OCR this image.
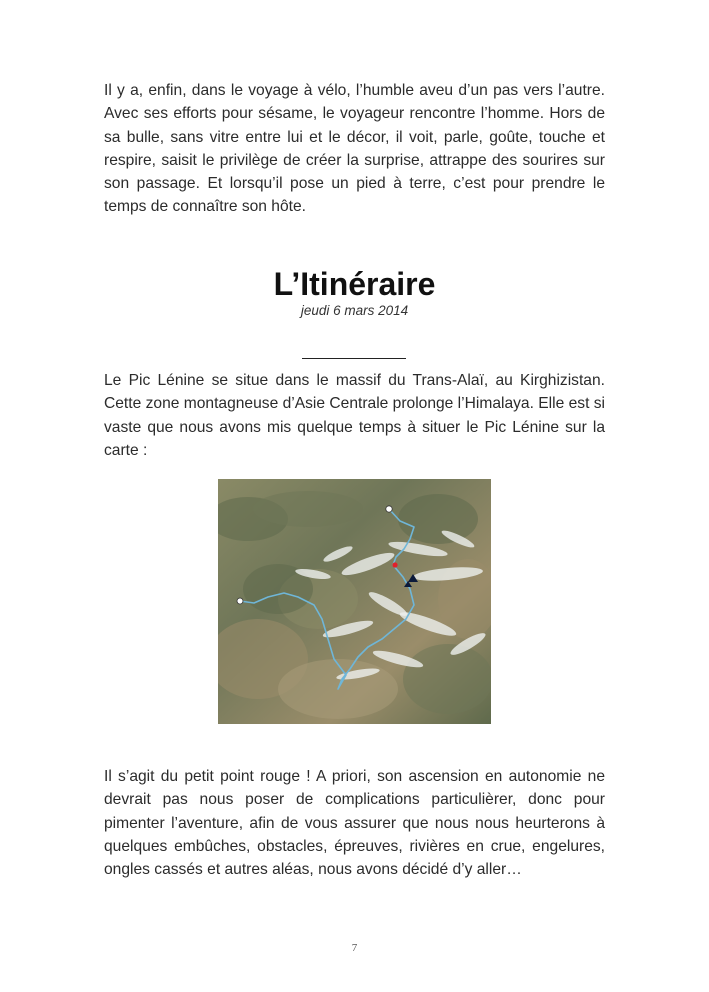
Il y a, enfin, dans le voyage à vélo, l’humble aveu d’un pas vers l’autre. Avec ses efforts pour sésame, le voyageur rencontre l’homme. Hors de sa bulle, sans vitre entre lui et le décor, il voit, parle, goûte, touche et respire, saisit le privilège de créer la surprise, attrappe des sourires sur son passage. Et lorsqu’il pose un pied à terre, c’est pour prendre le temps de connaître son hôte.

L’Itinéraire
jeudi 6 mars 2014

Le Pic Lénine se situe dans le massif du Trans-Alaï, au Kirghizistan. Cette zone montagneuse d’Asie Centrale prolonge l’Himalaya. Elle est si vaste que nous avons mis quelque temps à situer le Pic Lénine sur la carte :

Il s’agit du petit point rouge ! A priori, son ascension en autonomie ne devrait pas nous poser de complications particulièrer, donc pour pimenter l’aventure, afin de vous assurer que nous nous heurterons à quelques embûches, obstacles, épreuves, rivières en crue, engelures, ongles cassés et autres aléas, nous avons décidé d’y aller…

7
